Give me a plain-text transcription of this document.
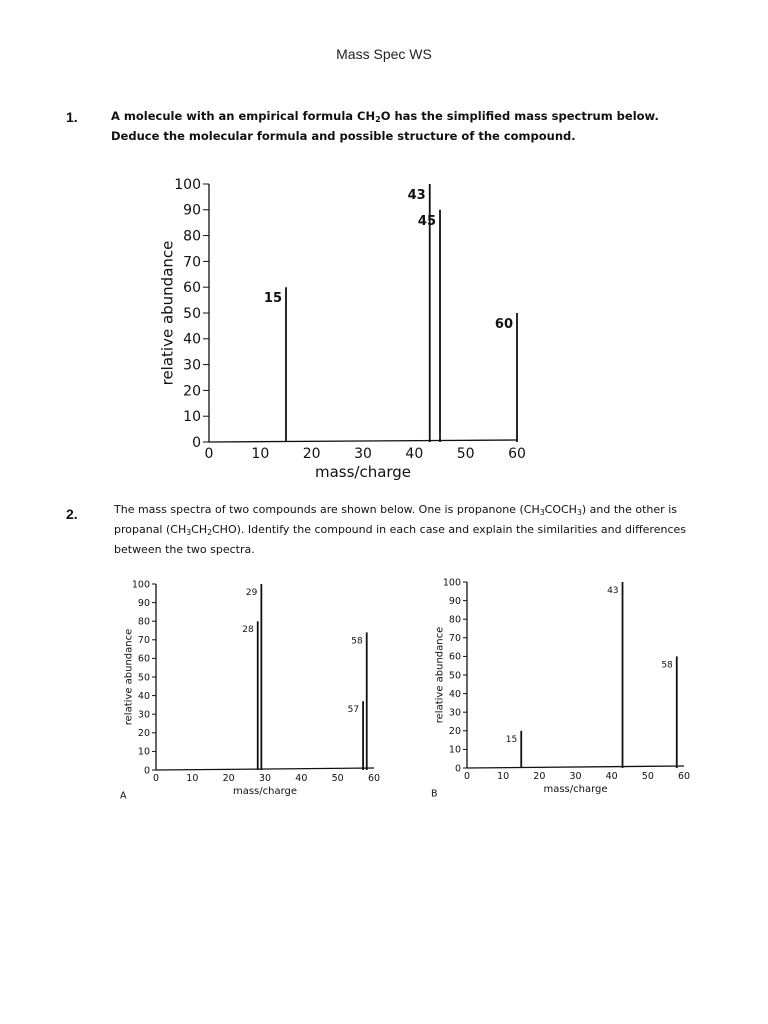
Mass Spec WS
1.	A molecule with an empirical formula $CH_2O$ has the simplified mass spectrum below. Deduce the molecular formula and possible structure of the compound.
0
10
20
30
40
50
60
70
80
90
100
0	10 20 30 40 50 60
mass/charge
relative abundance	15
43
45
60
2.	The mass spectra of two compounds are shown below. One is propanone $(CH_3COCH_3)$ and the other is propanal $(CH_3CH_2CHO)$. Identify the compound in each case and explain the similarities and differences between the two spectra.
0
10
20
30
40
50
60
70
80
90
100
0	10	20	30	40	50	60
mass/charge
relative abundance
A
28
29
57
58
0
10
20
30
40
50
60
70
80
90
100
0	10	20	30	40	50	60
mass/charge
relative abundance
B
15
43
58
